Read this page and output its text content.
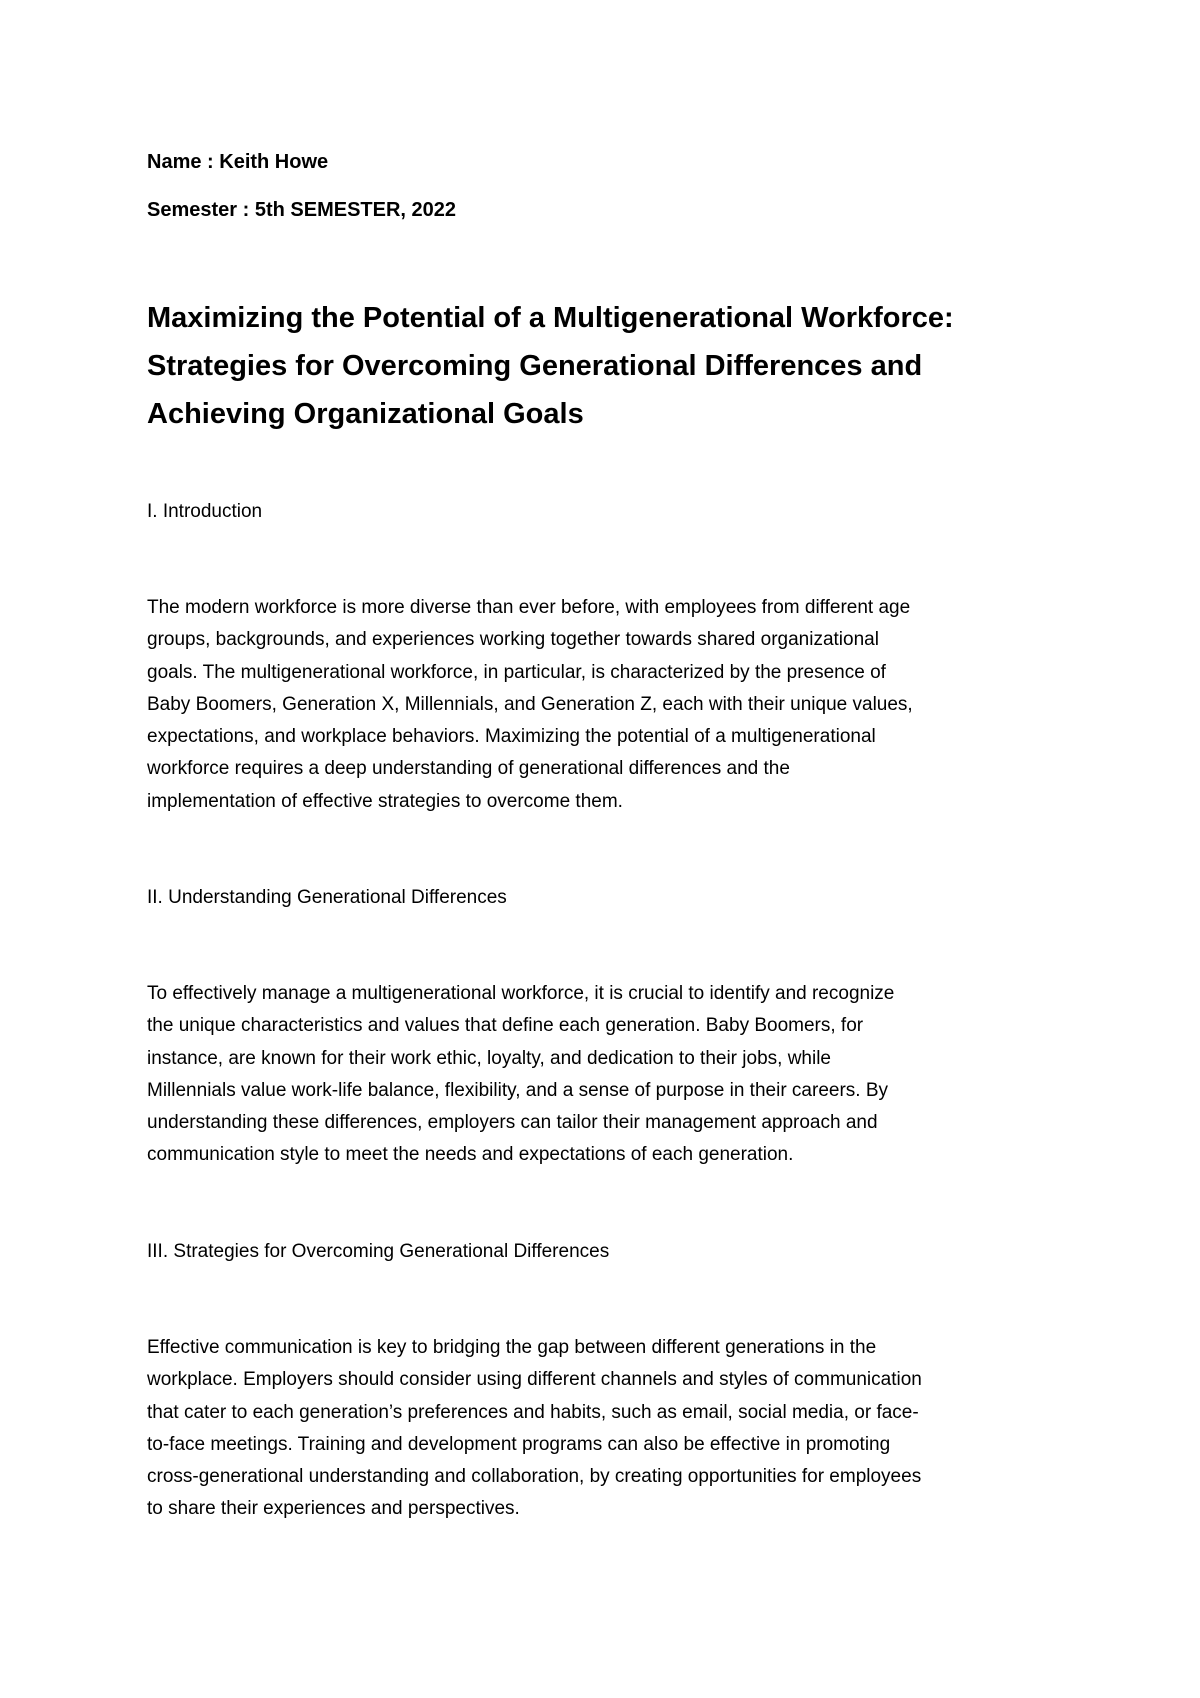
Name : Keith Howe
Semester : 5th SEMESTER, 2022
Maximizing the Potential of a Multigenerational Workforce:
Strategies for Overcoming Generational Differences and
Achieving Organizational Goals
I. Introduction
The modern workforce is more diverse than ever before, with employees from different age
groups, backgrounds, and experiences working together towards shared organizational
goals. The multigenerational workforce, in particular, is characterized by the presence of
Baby Boomers, Generation X, Millennials, and Generation Z, each with their unique values,
expectations, and workplace behaviors. Maximizing the potential of a multigenerational
workforce requires a deep understanding of generational differences and the
implementation of effective strategies to overcome them.
II. Understanding Generational Differences
To effectively manage a multigenerational workforce, it is crucial to identify and recognize
the unique characteristics and values that define each generation. Baby Boomers, for
instance, are known for their work ethic, loyalty, and dedication to their jobs, while
Millennials value work-life balance, flexibility, and a sense of purpose in their careers. By
understanding these differences, employers can tailor their management approach and
communication style to meet the needs and expectations of each generation.
III. Strategies for Overcoming Generational Differences
Effective communication is key to bridging the gap between different generations in the
workplace. Employers should consider using different channels and styles of communication
that cater to each generation’s preferences and habits, such as email, social media, or face-
to-face meetings. Training and development programs can also be effective in promoting
cross-generational understanding and collaboration, by creating opportunities for employees
to share their experiences and perspectives.
